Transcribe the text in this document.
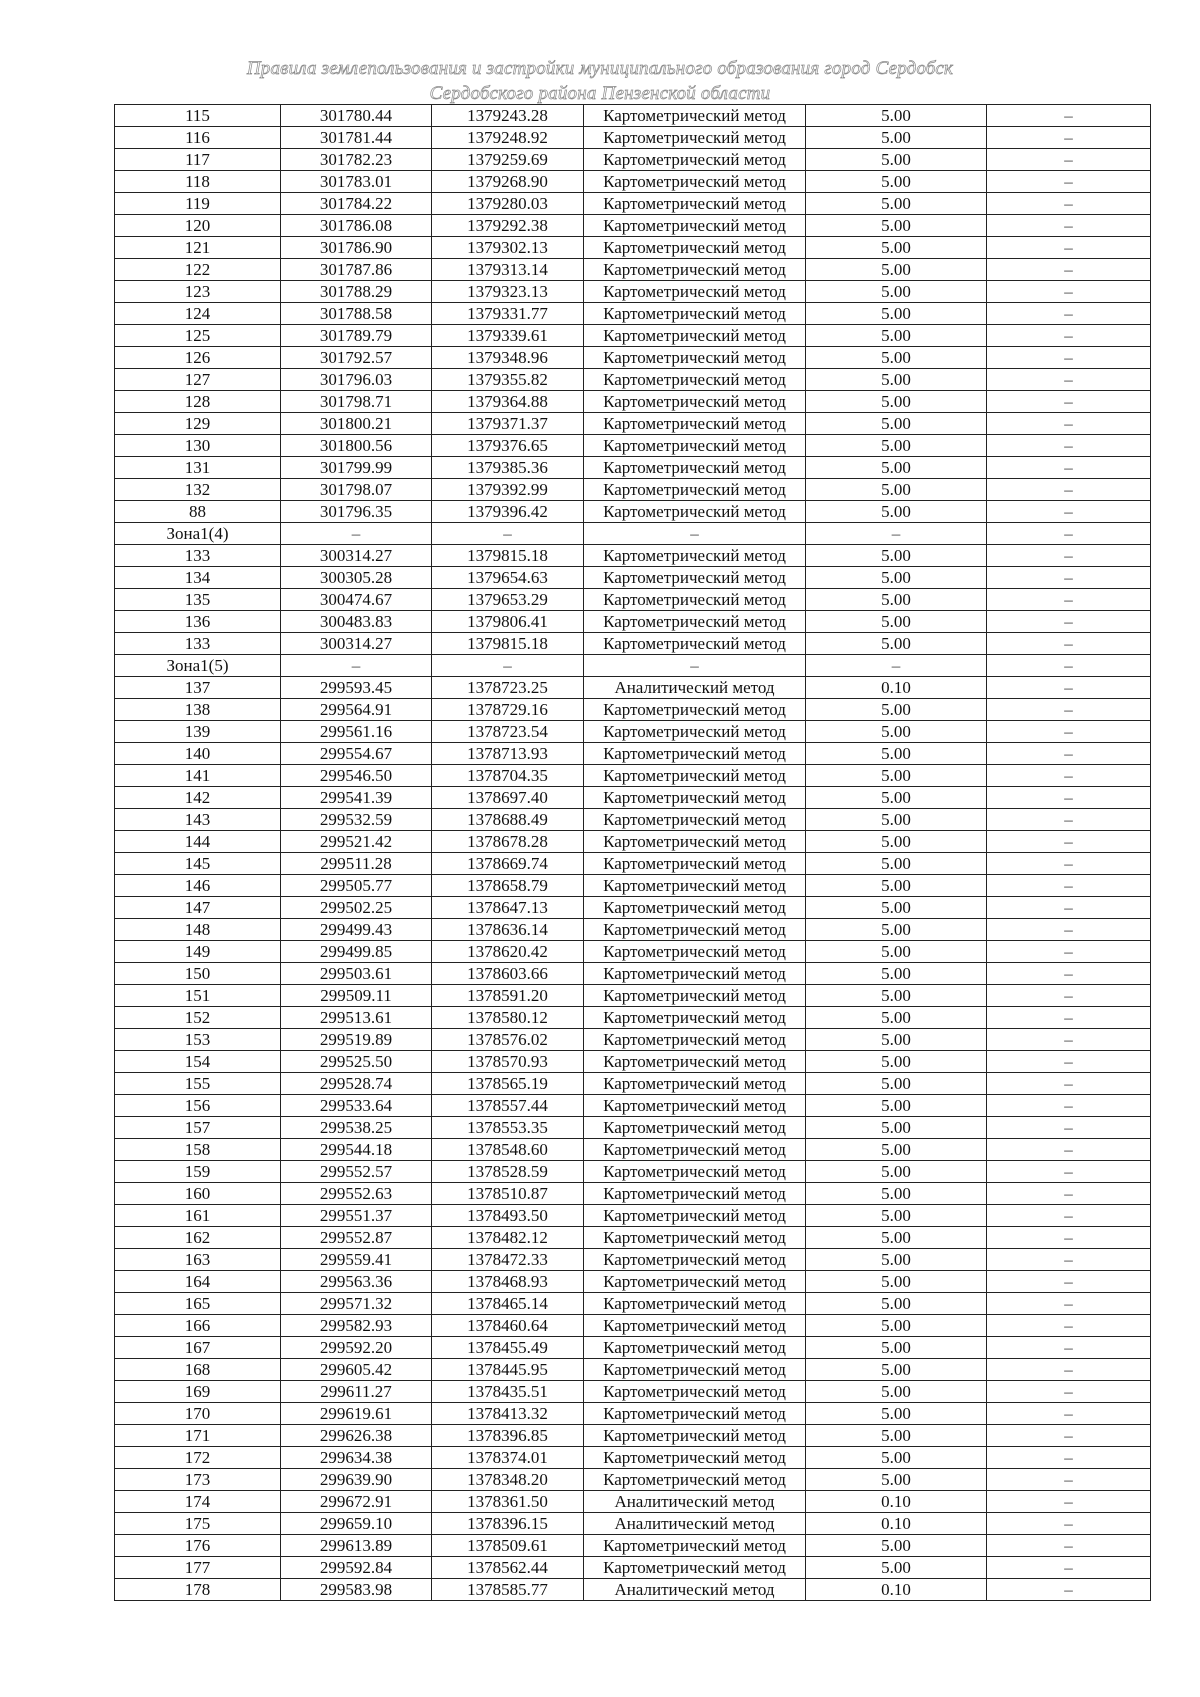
Правила землепользования и застройки муниципального образования город Сердобск
Сердобского района Пензенской области
115	301780.44	1379243.28	Картометрический метод	5.00	–
116	301781.44	1379248.92	Картометрический метод	5.00	–
117	301782.23	1379259.69	Картометрический метод	5.00	–
118	301783.01	1379268.90	Картометрический метод	5.00	–
119	301784.22	1379280.03	Картометрический метод	5.00	–
120	301786.08	1379292.38	Картометрический метод	5.00	–
121	301786.90	1379302.13	Картометрический метод	5.00	–
122	301787.86	1379313.14	Картометрический метод	5.00	–
123	301788.29	1379323.13	Картометрический метод	5.00	–
124	301788.58	1379331.77	Картометрический метод	5.00	–
125	301789.79	1379339.61	Картометрический метод	5.00	–
126	301792.57	1379348.96	Картометрический метод	5.00	–
127	301796.03	1379355.82	Картометрический метод	5.00	–
128	301798.71	1379364.88	Картометрический метод	5.00	–
129	301800.21	1379371.37	Картометрический метод	5.00	–
130	301800.56	1379376.65	Картометрический метод	5.00	–
131	301799.99	1379385.36	Картометрический метод	5.00	–
132	301798.07	1379392.99	Картометрический метод	5.00	–
88	301796.35	1379396.42	Картометрический метод	5.00	–
Зона1(4)	–	–	–	–	–
133	300314.27	1379815.18	Картометрический метод	5.00	–
134	300305.28	1379654.63	Картометрический метод	5.00	–
135	300474.67	1379653.29	Картометрический метод	5.00	–
136	300483.83	1379806.41	Картометрический метод	5.00	–
133	300314.27	1379815.18	Картометрический метод	5.00	–
Зона1(5)	–	–	–	–	–
137	299593.45	1378723.25	Аналитический метод	0.10	–
138	299564.91	1378729.16	Картометрический метод	5.00	–
139	299561.16	1378723.54	Картометрический метод	5.00	–
140	299554.67	1378713.93	Картометрический метод	5.00	–
141	299546.50	1378704.35	Картометрический метод	5.00	–
142	299541.39	1378697.40	Картометрический метод	5.00	–
143	299532.59	1378688.49	Картометрический метод	5.00	–
144	299521.42	1378678.28	Картометрический метод	5.00	–
145	299511.28	1378669.74	Картометрический метод	5.00	–
146	299505.77	1378658.79	Картометрический метод	5.00	–
147	299502.25	1378647.13	Картометрический метод	5.00	–
148	299499.43	1378636.14	Картометрический метод	5.00	–
149	299499.85	1378620.42	Картометрический метод	5.00	–
150	299503.61	1378603.66	Картометрический метод	5.00	–
151	299509.11	1378591.20	Картометрический метод	5.00	–
152	299513.61	1378580.12	Картометрический метод	5.00	–
153	299519.89	1378576.02	Картометрический метод	5.00	–
154	299525.50	1378570.93	Картометрический метод	5.00	–
155	299528.74	1378565.19	Картометрический метод	5.00	–
156	299533.64	1378557.44	Картометрический метод	5.00	–
157	299538.25	1378553.35	Картометрический метод	5.00	–
158	299544.18	1378548.60	Картометрический метод	5.00	–
159	299552.57	1378528.59	Картометрический метод	5.00	–
160	299552.63	1378510.87	Картометрический метод	5.00	–
161	299551.37	1378493.50	Картометрический метод	5.00	–
162	299552.87	1378482.12	Картометрический метод	5.00	–
163	299559.41	1378472.33	Картометрический метод	5.00	–
164	299563.36	1378468.93	Картометрический метод	5.00	–
165	299571.32	1378465.14	Картометрический метод	5.00	–
166	299582.93	1378460.64	Картометрический метод	5.00	–
167	299592.20	1378455.49	Картометрический метод	5.00	–
168	299605.42	1378445.95	Картометрический метод	5.00	–
169	299611.27	1378435.51	Картометрический метод	5.00	–
170	299619.61	1378413.32	Картометрический метод	5.00	–
171	299626.38	1378396.85	Картометрический метод	5.00	–
172	299634.38	1378374.01	Картометрический метод	5.00	–
173	299639.90	1378348.20	Картометрический метод	5.00	–
174	299672.91	1378361.50	Аналитический метод	0.10	–
175	299659.10	1378396.15	Аналитический метод	0.10	–
176	299613.89	1378509.61	Картометрический метод	5.00	–
177	299592.84	1378562.44	Картометрический метод	5.00	–
178	299583.98	1378585.77	Аналитический метод	0.10	–
